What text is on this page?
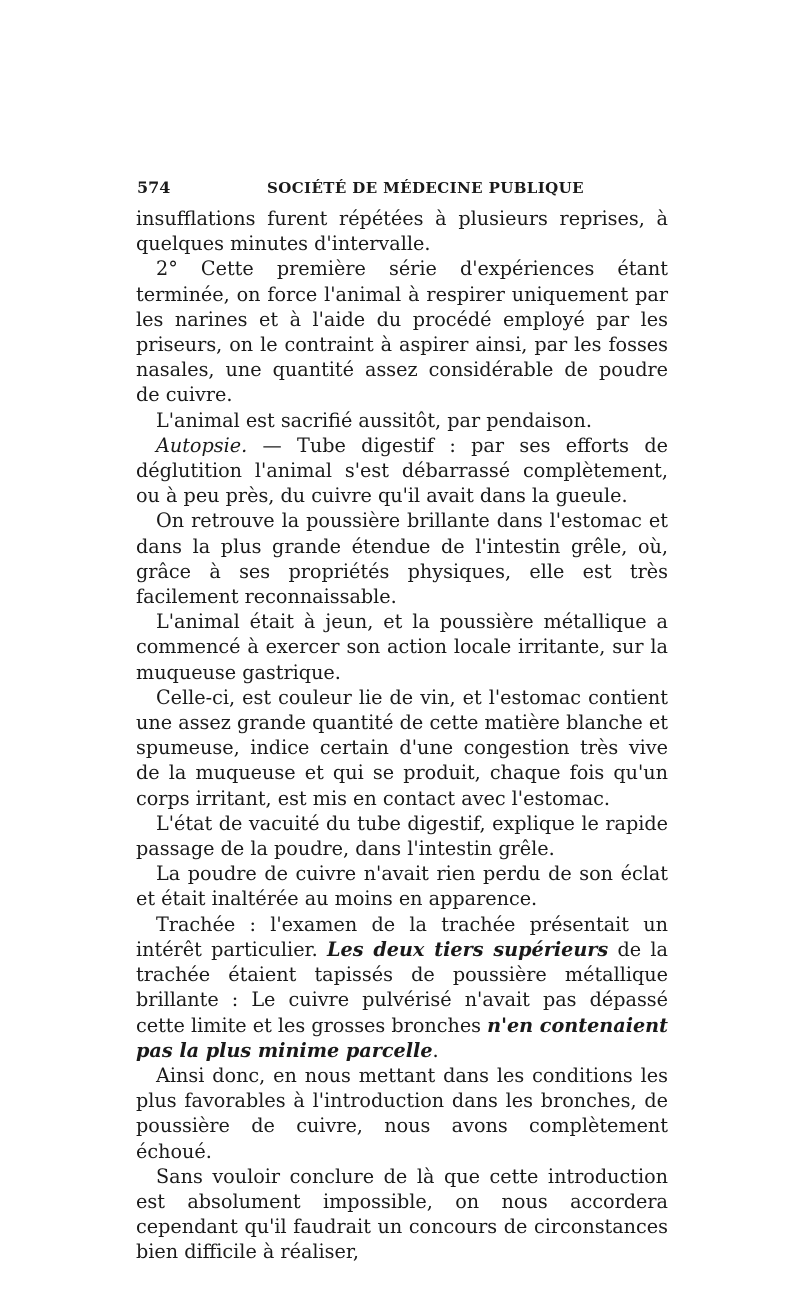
574	SOCIÉTÉ DE MÉDECINE PUBLIQUE

insufflations furent répétées à plusieurs reprises, à quelques minutes d'intervalle.

2° Cette première série d'expériences étant terminée, on force l'animal à respirer uniquement par les narines et à l'aide du procédé employé par les priseurs, on le contraint à aspirer ainsi, par les fosses nasales, une quantité assez considérable de poudre de cuivre.

L'animal est sacrifié aussitôt, par pendaison.

Autopsie. — Tube digestif : par ses efforts de déglutition l'animal s'est débarrassé complètement, ou à peu près, du cuivre qu'il avait dans la gueule.

On retrouve la poussière brillante dans l'estomac et dans la plus grande étendue de l'intestin grêle, où, grâce à ses propriétés physiques, elle est très facilement reconnaissable.

L'animal était à jeun, et la poussière métallique a commencé à exercer son action locale irritante, sur la muqueuse gastrique.

Celle-ci, est couleur lie de vin, et l'estomac contient une assez grande quantité de cette matière blanche et spumeuse, indice certain d'une congestion très vive de la muqueuse et qui se produit, chaque fois qu'un corps irritant, est mis en contact avec l'estomac.

L'état de vacuité du tube digestif, explique le rapide passage de la poudre, dans l'intestin grêle.

La poudre de cuivre n'avait rien perdu de son éclat et était inaltérée au moins en apparence.

Trachée : l'examen de la trachée présentait un intérêt particulier. Les deux tiers supérieurs de la trachée étaient tapissés de poussière métallique brillante : Le cuivre pulvérisé n'avait pas dépassé cette limite et les grosses bronches n'en contenaient pas la plus minime parcelle.

Ainsi donc, en nous mettant dans les conditions les plus favorables à l'introduction dans les bronches, de poussière de cuivre, nous avons complètement échoué.

Sans vouloir conclure de là que cette introduction est absolument impossible, on nous accordera cependant qu'il faudrait un concours de circonstances bien difficile à réaliser,
